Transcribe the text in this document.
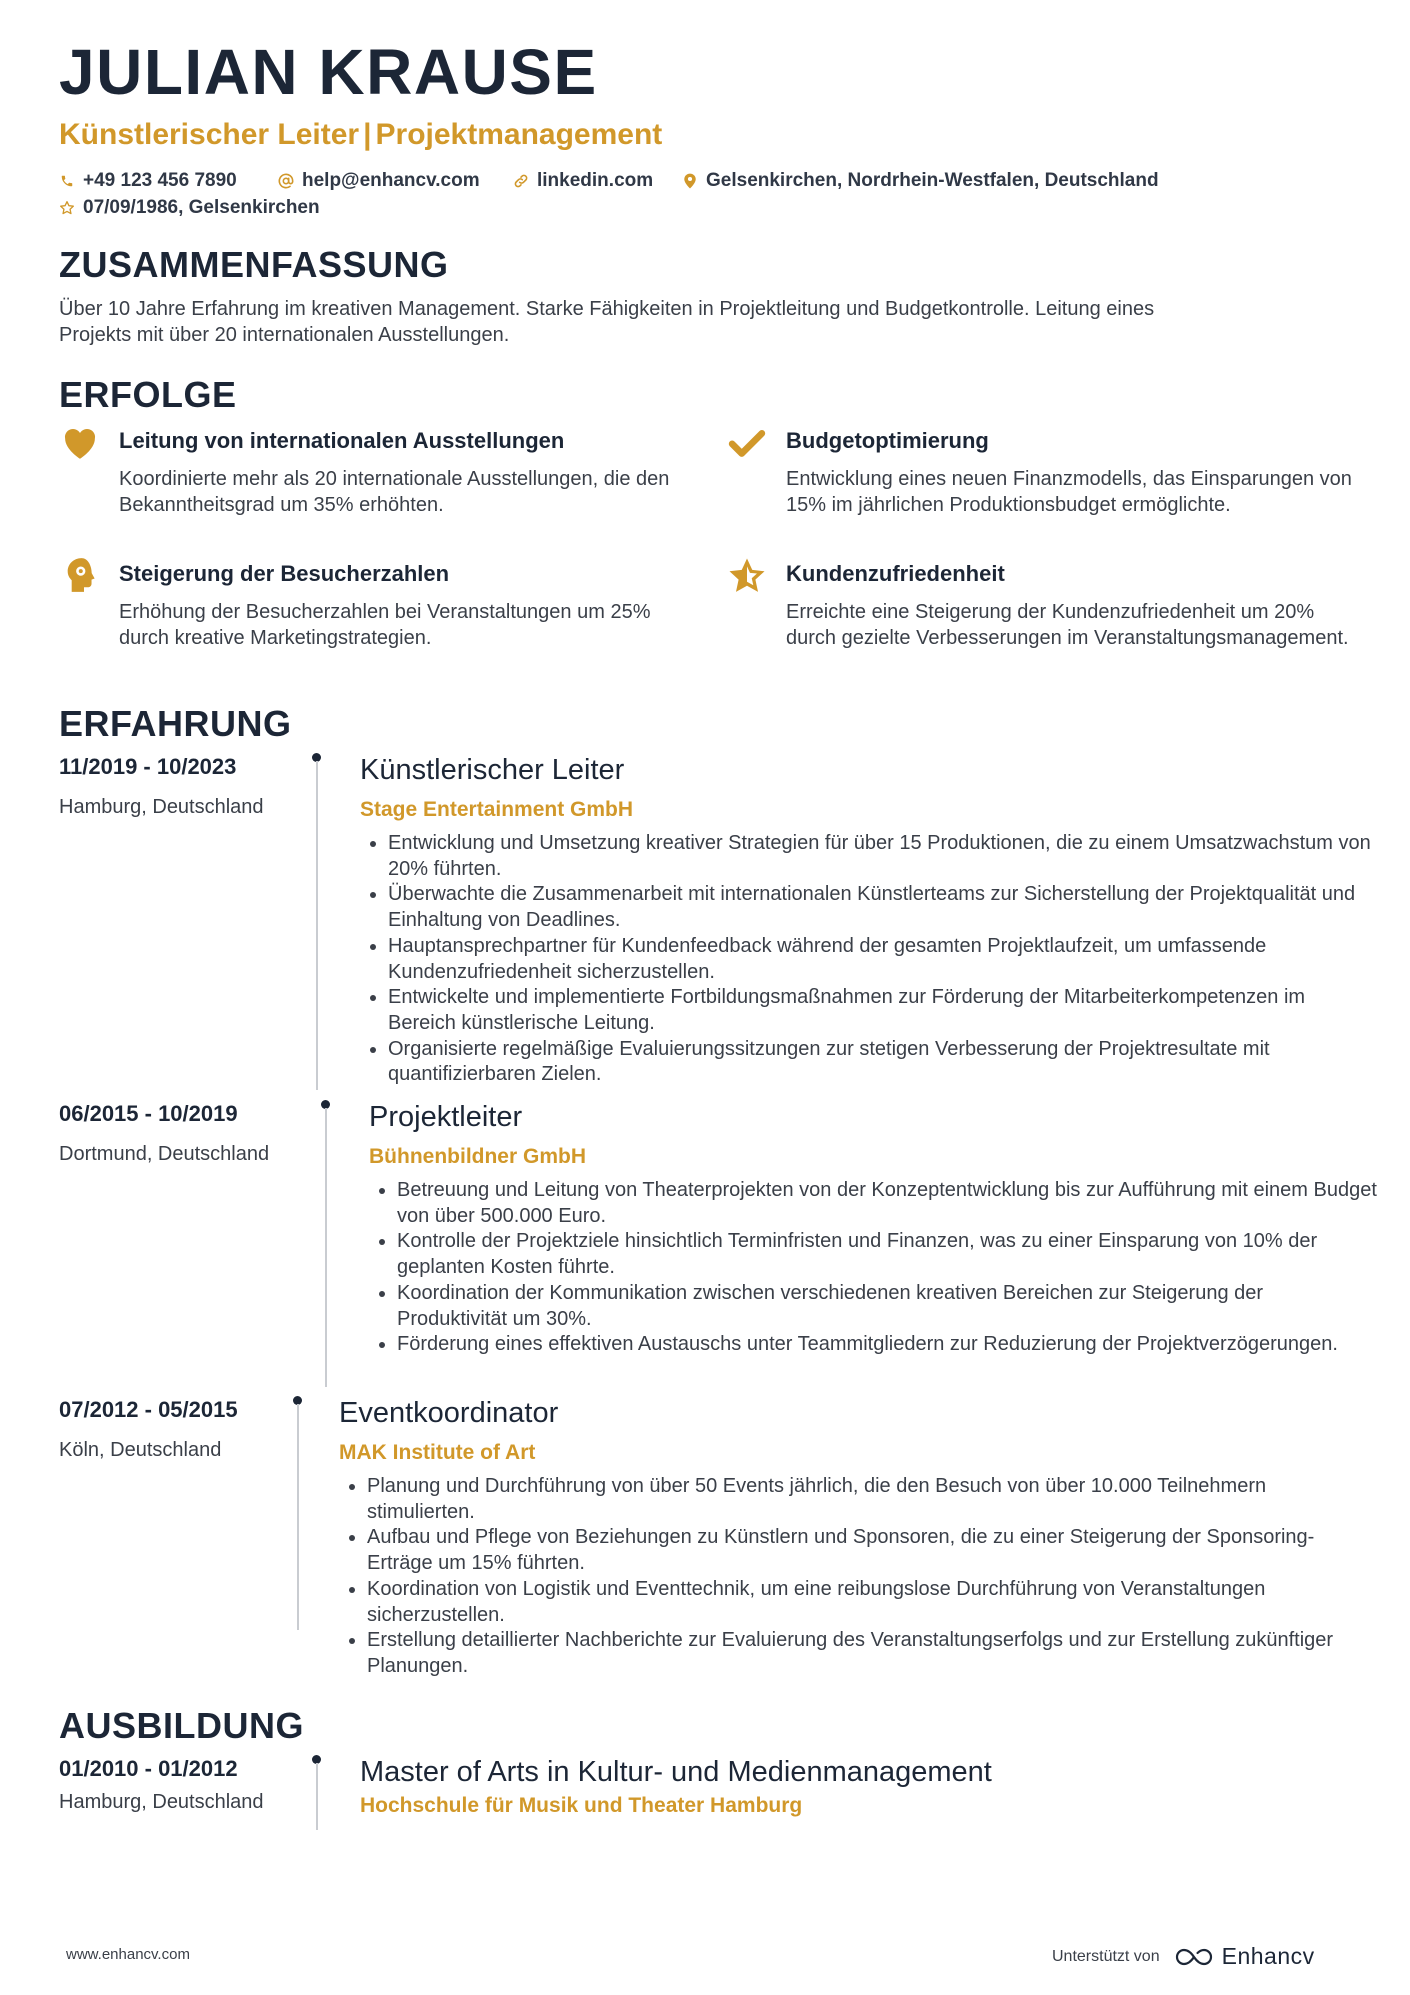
JULIAN KRAUSE
Künstlerischer Leiter | Projektmanagement
+49 123 456 7890	help@enhancv.com	linkedin.com	Gelsenkirchen, Nordrhein-Westfalen, Deutschland
07/09/1986, Gelsenkirchen
ZUSAMMENFASSUNG
Über 10 Jahre Erfahrung im kreativen Management. Starke Fähigkeiten in Projektleitung und Budgetkontrolle. Leitung eines
Projekts mit über 20 internationalen Ausstellungen.
ERFOLGE
Leitung von internationalen Ausstellungen
Koordinierte mehr als 20 internationale Ausstellungen, die den Bekanntheitsgrad um 35% erhöhten.
Budgetoptimierung
Entwicklung eines neuen Finanzmodells, das Einsparungen von 15% im jährlichen Produktionsbudget ermöglichte.
Steigerung der Besucherzahlen
Erhöhung der Besucherzahlen bei Veranstaltungen um 25% durch kreative Marketingstrategien.
Kundenzufriedenheit
Erreichte eine Steigerung der Kundenzufriedenheit um 20% durch gezielte Verbesserungen im Veranstaltungsmanagement.
ERFAHRUNG
11/2019 - 10/2023
Hamburg, Deutschland
Künstlerischer Leiter
Stage Entertainment GmbH
• Entwicklung und Umsetzung kreativer Strategien für über 15 Produktionen, die zu einem Umsatzwachstum von 20% führten.
• Überwachte die Zusammenarbeit mit internationalen Künstlerteams zur Sicherstellung der Projektqualität und Einhaltung von Deadlines.
• Hauptansprechpartner für Kundenfeedback während der gesamten Projektlaufzeit, um umfassende Kundenzufriedenheit sicherzustellen.
• Entwickelte und implementierte Fortbildungsmaßnahmen zur Förderung der Mitarbeiterkompetenzen im Bereich künstlerische Leitung.
• Organisierte regelmäßige Evaluierungssitzungen zur stetigen Verbesserung der Projektresultate mit quantifizierbaren Zielen.
06/2015 - 10/2019
Dortmund, Deutschland
Projektleiter
Bühnenbildner GmbH
• Betreuung und Leitung von Theaterprojekten von der Konzeptentwicklung bis zur Aufführung mit einem Budget von über 500.000 Euro.
• Kontrolle der Projektziele hinsichtlich Terminfristen und Finanzen, was zu einer Einsparung von 10% der geplanten Kosten führte.
• Koordination der Kommunikation zwischen verschiedenen kreativen Bereichen zur Steigerung der Produktivität um 30%.
• Förderung eines effektiven Austauschs unter Teammitgliedern zur Reduzierung der Projektverzögerungen.
07/2012 - 05/2015
Köln, Deutschland
Eventkoordinator
MAK Institute of Art
• Planung und Durchführung von über 50 Events jährlich, die den Besuch von über 10.000 Teilnehmern stimulierten.
• Aufbau und Pflege von Beziehungen zu Künstlern und Sponsoren, die zu einer Steigerung der Sponsoring-Erträge um 15% führten.
• Koordination von Logistik und Eventtechnik, um eine reibungslose Durchführung von Veranstaltungen sicherzustellen.
• Erstellung detaillierter Nachberichte zur Evaluierung des Veranstaltungserfolgs und zur Erstellung zukünftiger Planungen.
AUSBILDUNG
01/2010 - 01/2012
Hamburg, Deutschland
Master of Arts in Kultur- und Medienmanagement
Hochschule für Musik und Theater Hamburg
www.enhancv.com	Unterstützt von	Enhancv
